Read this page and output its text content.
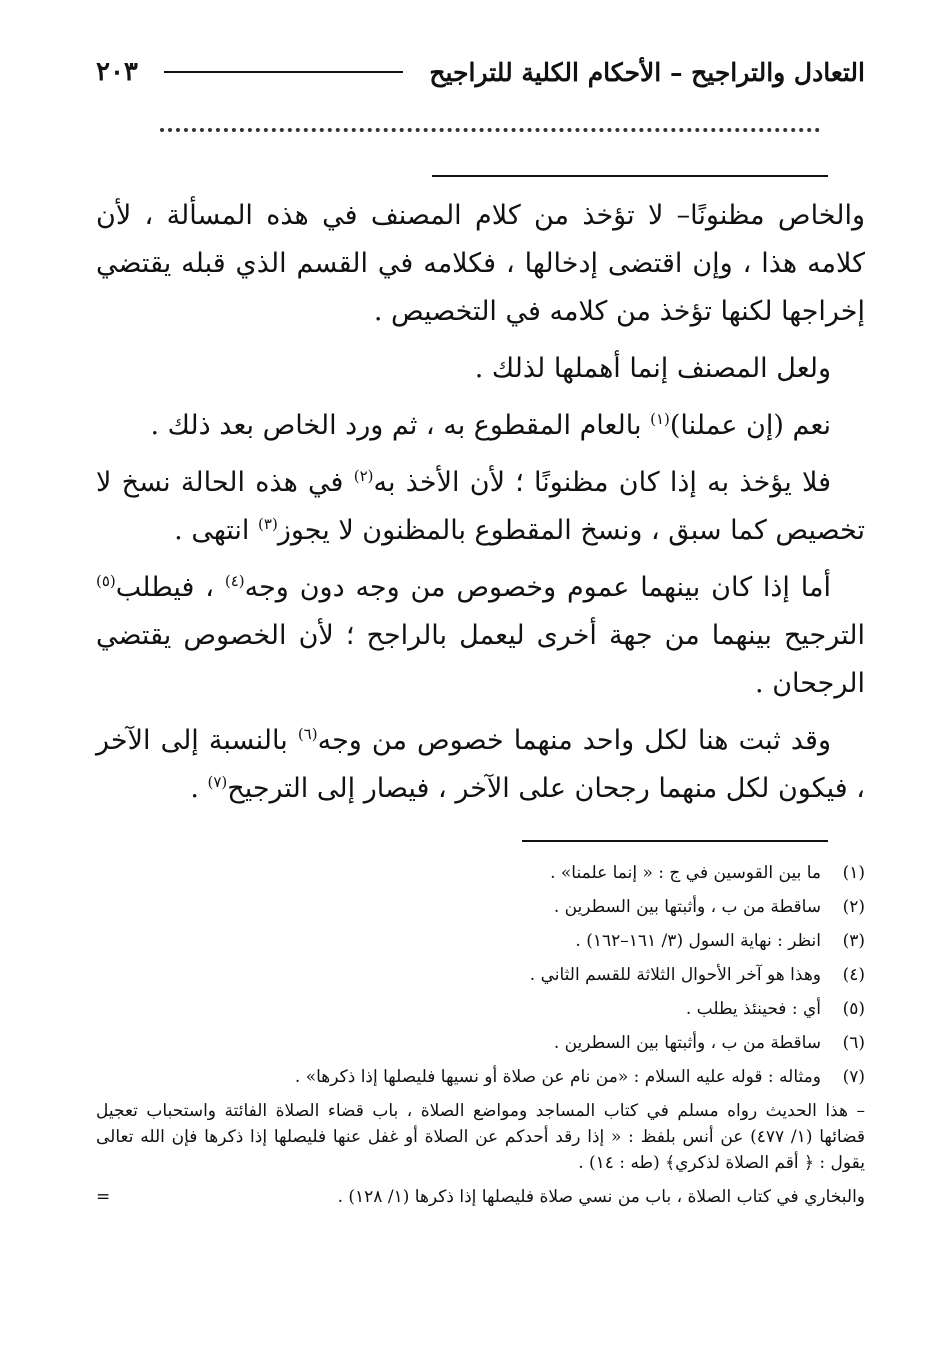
التعادل والتراجيح – الأحكام الكلية للتراجيح
٢٠٣

والخاص مظنونًا– لا تؤخذ من كلام المصنف في هذه المسألة ، لأن كلامه هذا ، وإن اقتضى إدخالها ، فكلامه في القسم الذي قبله يقتضي إخراجها لكنها تؤخذ من كلامه في التخصيص .

ولعل المصنف إنما أهملها لذلك .

نعم (إن عملنا)$^{(١)}$ بالعام المقطوع به ، ثم ورد الخاص بعد ذلك .

فلا يؤخذ به إذا كان مظنونًا ؛ لأن الأخذ به$^{(٢)}$ في هذه الحالة نسخ لا تخصيص كما سبق ، ونسخ المقطوع بالمظنون لا يجوز$^{(٣)}$ انتهى .

أما إذا كان بينهما عموم وخصوص من وجه دون وجه$^{(٤)}$ ، فيطلب$^{(٥)}$ الترجيح بينهما من جهة أخرى ليعمل بالراجح ؛ لأن الخصوص يقتضي الرجحان .

وقد ثبت هنا لكل واحد منهما خصوص من وجه$^{(٦)}$ بالنسبة إلى الآخر ، فيكون لكل منهما رجحان على الآخر ، فيصار إلى الترجيح$^{(٧)}$ .

(١)
ما بين القوسين في ج : « إنما علمنا» .
(٢)
ساقطة من ب ، وأثبتها بين السطرين .
(٣)
انظر : نهاية السول (٣/ ١٦١–١٦٢) .
(٤)
وهذا هو آخر الأحوال الثلاثة للقسم الثاني .
(٥)
أي : فحينئذ يطلب .
(٦)
ساقطة من ب ، وأثبتها بين السطرين .
(٧)
ومثاله : قوله عليه السلام : «من نام عن صلاة أو نسيها فليصلها إذا ذكرها» .
– هذا الحديث رواه مسلم في كتاب المساجد ومواضع الصلاة ، باب قضاء الصلاة الفائتة واستحباب تعجيل قضائها (١/ ٤٧٧) عن أنس بلفظ : « إذا رقد أحدكم عن الصلاة أو غفل عنها فليصلها إذا ذكرها فإن الله تعالى يقول : ﴿ أقم الصلاة لذكري﴾ (طه : ١٤) .
والبخاري في كتاب الصلاة ، باب من نسي صلاة فليصلها إذا ذكرها (١/ ١٢٨) .
=
